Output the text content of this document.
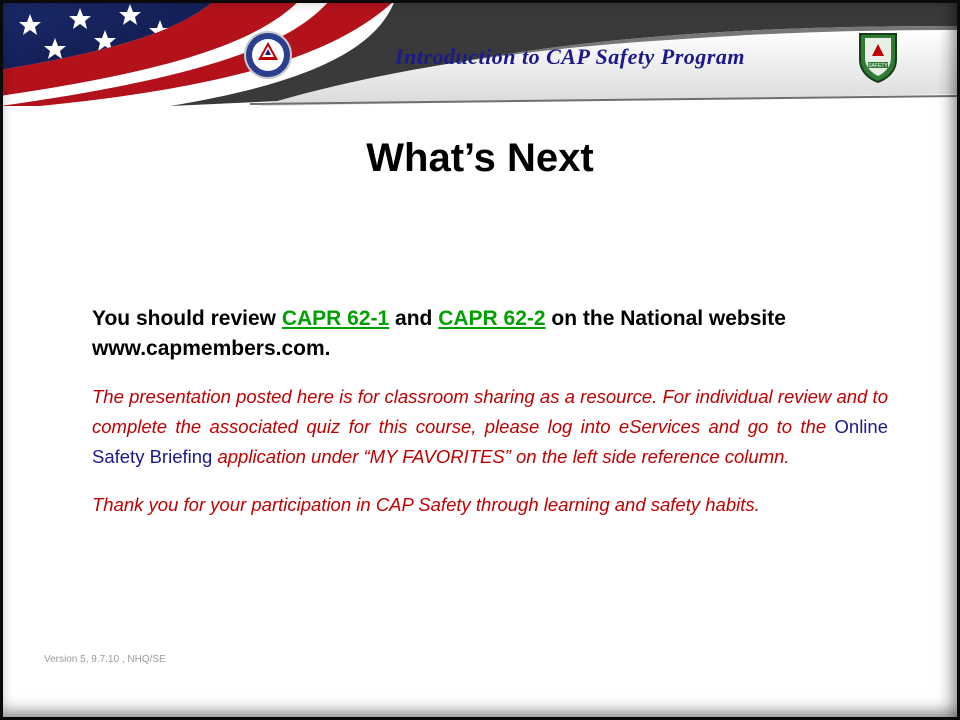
Introduction to CAP Safety Program	SAFETY
What’s Next

You should review CAPR 62-1 and CAPR 62-2 on the National website www.capmembers.com.

The presentation posted here is for classroom sharing as a resource. For individual review and to complete the associated quiz for this course, please log into eServices and go to the Online Safety Briefing application under “MY FAVORITES” on the left side reference column.

Thank you for your participation in CAP Safety through learning and safety habits.

Version 5, 9.7.10 , NHQ/SE
